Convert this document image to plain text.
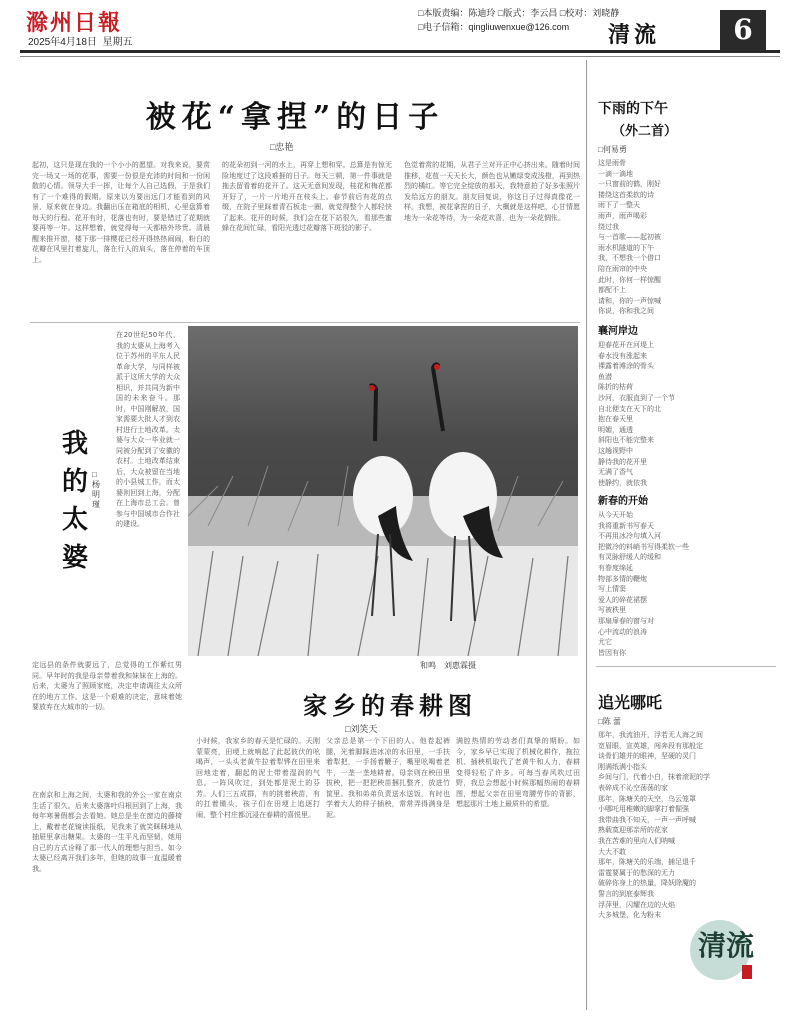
滁州日報
2025年4月18日 星期五
□本版责编：陈迪玲 □版式：李云昌 □校对：刘晓静
□电子信箱：qingliuwenxue@126.com	清流	6
被花“拿捏”的日子
□忠艳
起初，这只是现在我的一个小小的愿望。对我来说，要赏完一场又一场的花事，需要一份很是充沛的时间和一份闲散的心情。领导大手一挥，让每个人自己选假，于是我们有了一个难得的假期。原来以为要出远门才能看到的风景，原来就在身边。我翻出压在箱底的相机，心里盘算着每天的行程。花开有时，花落也有时，要是错过了花期就要再等一年。这样想着，就觉得每一天都格外珍贵。清晨醒来推开窗，楼下那一排樱花已经开得热热闹闹，粉白的花瓣在风里打着旋儿，落在行人的肩头，落在停着的车顶上。
的花朵初到一河的水上，再穿上想和穿。总算是有惊无险地度过了这段难捱的日子。每天三顿，第一件事就是拖去留看着的花开了。这天无意间发现，桂花和梅花都开好了，一片一片地开在枝头上。春节前后有花的点缀，在院子里踩着青石板走一圈，就觉得整个人都轻快了起来。花开的时候，我们会在花下站很久，看那些蜜蜂在花间忙碌，看阳光透过花瓣落下斑驳的影子。
色觉着赏的花期，从君子兰对开正中心挤出来。随着时间推移，花苞一天天长大，颜色也从嫩绿变成浅橙，再到热烈的橘红。等它完全绽放的那天，我特意拍了好多张照片发给远方的朋友。朋友回复说，你这日子过得真像花一样。我想，被花拿捏的日子，大概就是这样吧，心甘情愿地为一朵花等待，为一朵花欢喜，也为一朵花惆怅。
我的太婆
□杨明瑾
在20世纪50年代，我的太婆从上海考入位于苏州的平东人民革命大学，与同样被派于这所大学的大众相识，并共同为新中国的未来奋斗。那时，中国刚解放，国家需要大批人才到农村进行土地改革。太婆与大众一毕业就一同被分配到了安徽的农村。土地改革结束后，大众被留在当地的小县城工作，而太婆则回到上海，分配在上海市总工会。曾参与中国城市合作社的建设。
定远县的条件就要远了，总觉得的工作紫红男同。早年时的我是母亲带着我和妹妹在上海的。后来，太婆为了照顾家庭，决定申请调往太众所在的地方工作。这是一个艰难的决定，意味着她要放弃在大城市的一切。
在南京和上海之间，太婆和我的外公一家在南京生活了很久。后来太婆落叶归根回到了上海，我每年寒暑假都会去看她。她总是坐在窗边的藤椅上，戴着老花镜读报纸，见我来了就笑眯眯地从抽屉里拿出糖果。太婆的一生平凡而坚韧，她用自己的方式诠释了那一代人的理想与担当。如今太婆已经离开我们多年，但她的故事一直温暖着我。
和鸣　刘惠霖摄
家乡的春耕图
□刘笑天
小时候，我家乡的春天是忙碌的。天刚蒙蒙亮，田埂上就响起了此起彼伏的吆喝声，一头头老黄牛拉着犁铧在田里来回地走着，翻起的泥土带着湿润的气息。一阵风吹过，到处都是泥土的芬芳。人们三五成群，有的挑着秧苗，有的扛着锄头，孩子们在田埂上追逐打闹，整个村庄都沉浸在春耕的喜悦里。
父亲总是第一个下田的人。他卷起裤腿，光着脚踩进冰凉的水田里，一手扶着犁把，一手扬着鞭子，嘴里吆喝着老牛，一垄一垄地耕着。母亲则在秧田里拔秧，把一把把秧苗捆扎整齐，放进竹筐里。我和弟弟负责送水送饭，有时也学着大人的样子插秧，常常弄得满身是泥。
满腔热情的劳动者们真挚的期盼。如今，家乡早已实现了机械化耕作，拖拉机、插秧机取代了老黄牛和人力，春耕变得轻松了许多。可每当春风吹过田野，我总会想起小时候那幅热闹的春耕图，想起父亲在田里弯腰劳作的背影，想起那片土地上最质朴的希望。
下雨的下午
（外二首）
□何易勇
这是雨骨
一滴一滴地
一只窗前的鹤，刚好
搂绕这首柔软的诗
雨下了一整天
雨声，雨声喝彩
绕过我
与一首歌——起初被
雨水机隧道的下午
我，不想我一个借口
陪在雨帘的中央
此时，你何一样惊醒
都配不上
请和，你的一声惊喊
你说，你和我之间
襄河岸边
迎春花开在河堤上
春水没有涨起来
裸露着滩涂的骨头
鱼潜
陈折的枯荷
沙河，衣服直到了一个节
自北便支在天下的北
抱在春天里
明媚，通透
斜阳也不能完整来
这趟视野中
静待我的花开里
无满了香气
使静约，就依我
新春的开始
从今天开始
我将重新书写春天
不再用冰冷句填入河
把微冷的料峭书写得柔软一些
有灵脉舒缓人的缓和
有眷度绵延
物部多情的鞭炮
写上情窦
爱人的碎花裙摆
写被秩里
那扇扉春的窗与对
心中流动的浪涛
尤它
皆因有你
追光哪吒
□陈 蕾
那年，我流油开，浮若无人海之间
宽眉眼，宣英雄，闯奔段有那般定
谈骨们雄并的眼神，坚硬的灵门
刚满纸满小指头
乡间与门，代着小白，抹着滚泥的学
表碎成不沁空荡荡的家
那年，陈塘关的天空，乌云笼罩
小哪吒用稚嫩的脚掌打着倔强
我带曲我不知天，一声一声呼喊
熟载寞迎那亲所的花家
我在苦难的里向人们呐喊
大大不敢
那年，陈塘关的乐端，捕足退千
雷霆要属于的愁深的无力
破碎你身上的热量，降妖除魔的
誓言的到底泰辉我
浮萍里，闪耀在边的火焰
大多城堡，化为粉末
清流
